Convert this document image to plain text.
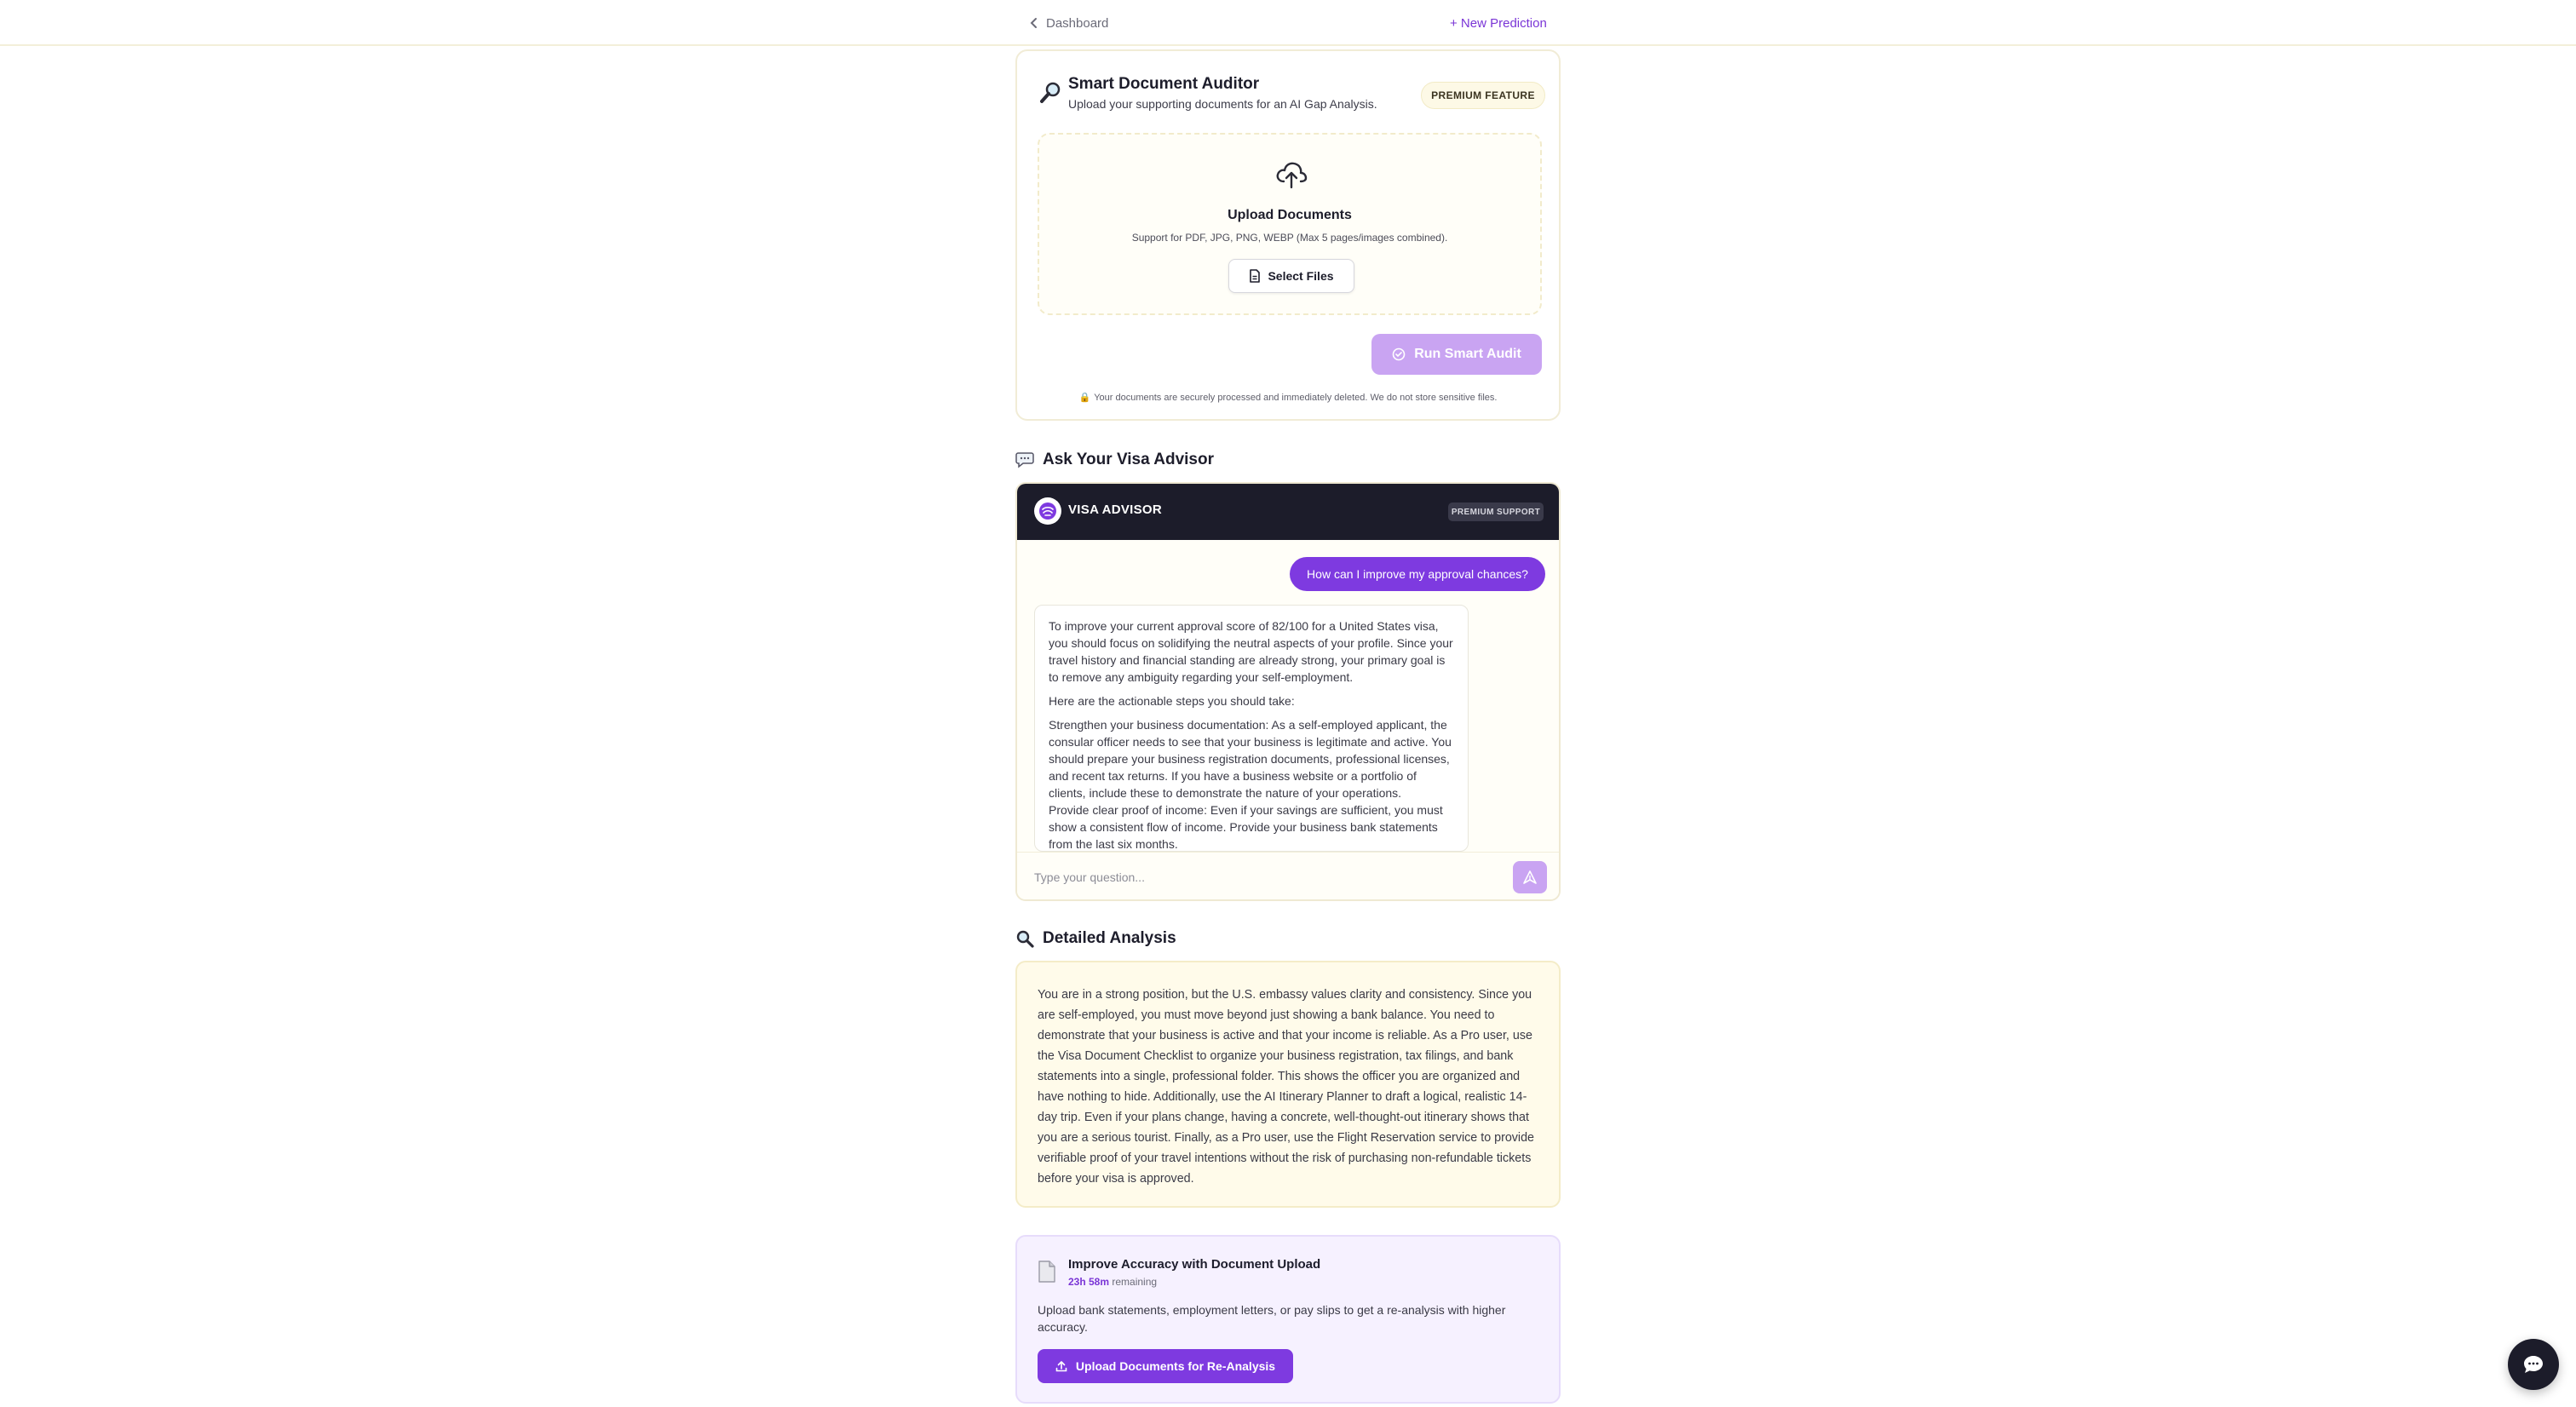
Dashboard	+ New Prediction
Smart Document Auditor
Upload your supporting documents for an AI Gap Analysis.
PREMIUM FEATURE
Upload Documents
Support for PDF, JPG, PNG, WEBP (Max 5 pages/images combined).
Select Files
Run Smart Audit
🔒 Your documents are securely processed and immediately deleted. We do not store sensitive files.
Ask Your Visa Advisor
VISA ADVISOR	PREMIUM SUPPORT
How can I improve my approval chances?

To improve your current approval score of 82/100 for a United States visa, you should focus on solidifying the neutral aspects of your profile. Since your travel history and financial standing are already strong, your primary goal is to remove any ambiguity regarding your self-employment.

Here are the actionable steps you should take:

Strengthen your business documentation: As a self-employed applicant, the consular officer needs to see that your business is legitimate and active. You should prepare your business registration documents, professional licenses, and recent tax returns. If you have a business website or a portfolio of clients, include these to demonstrate the nature of your operations.

Provide clear proof of income: Even if your savings are sufficient, you must show a consistent flow of income. Provide your business bank statements from the last six months.

Type your question...
Detailed Analysis
You are in a strong position, but the U.S. embassy values clarity and consistency. Since you are self-employed, you must move beyond just showing a bank balance. You need to demonstrate that your business is active and that your income is reliable. As a Pro user, use the Visa Document Checklist to organize your business registration, tax filings, and bank statements into a single, professional folder. This shows the officer you are organized and have nothing to hide. Additionally, use the AI Itinerary Planner to draft a logical, realistic 14-day trip. Even if your plans change, having a concrete, well-thought-out itinerary shows that you are a serious tourist. Finally, as a Pro user, use the Flight Reservation service to provide verifiable proof of your travel intentions without the risk of purchasing non-refundable tickets before your visa is approved.
Improve Accuracy with Document Upload
23h 58m remaining
Upload bank statements, employment letters, or pay slips to get a re-analysis with higher accuracy.
Upload Documents for Re-Analysis
